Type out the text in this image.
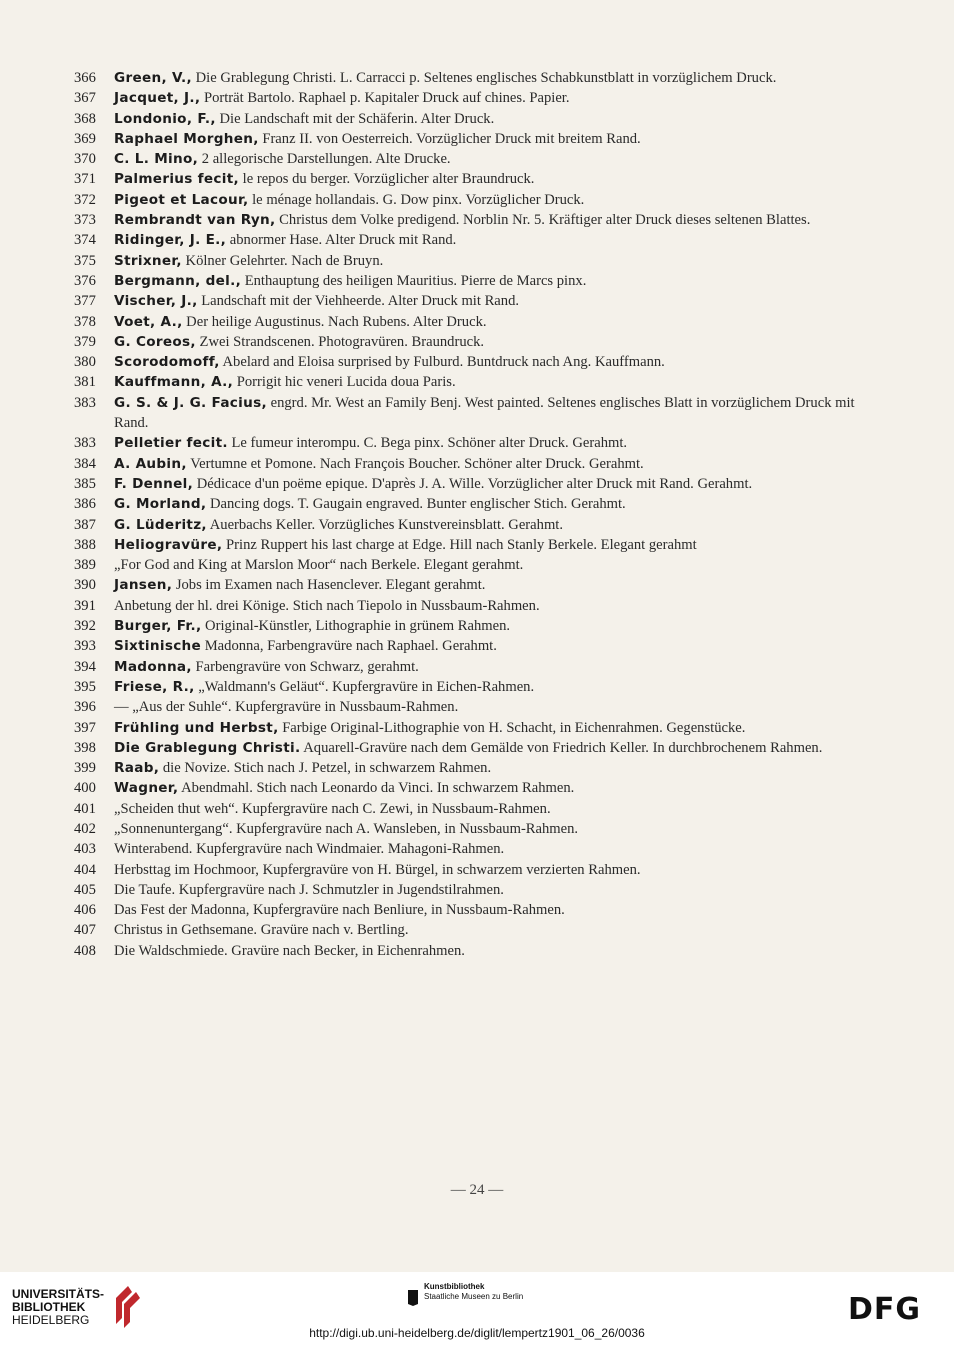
366	Green, V., Die Grablegung Christi. L. Carracci p. Seltenes englisches Schabkunstblatt in vorzüglichem Druck.
367	Jacquet, J., Porträt Bartolo. Raphael p. Kapitaler Druck auf chines. Papier.
368	Londonio, F., Die Landschaft mit der Schäferin. Alter Druck.
369	Raphael Morghen, Franz II. von Oesterreich. Vorzüglicher Druck mit breitem Rand.
370	C. L. Mino, 2 allegorische Darstellungen. Alte Drucke.
371	Palmerius fecit, le repos du berger. Vorzüglicher alter Braundruck.
372	Pigeot et Lacour, le ménage hollandais. G. Dow pinx. Vorzüglicher Druck.
373	Rembrandt van Ryn, Christus dem Volke predigend. Norblin Nr. 5. Kräftiger alter Druck dieses seltenen Blattes.
374	Ridinger, J. E., abnormer Hase. Alter Druck mit Rand.
375	Strixner, Kölner Gelehrter. Nach de Bruyn.
376	Bergmann, del., Enthauptung des heiligen Mauritius. Pierre de Marcs pinx.
377	Vischer, J., Landschaft mit der Viehheerde. Alter Druck mit Rand.
378	Voet, A., Der heilige Augustinus. Nach Rubens. Alter Druck.
379	G. Coreos, Zwei Strandscenen. Photogravüren. Braundruck.
380	Scorodomoff, Abelard and Eloisa surprised by Fulburd. Buntdruck nach Ang. Kauffmann.
381	Kauffmann, A., Porrigit hic veneri Lucida doua Paris.
383	G. S. & J. G. Facius, engrd. Mr. West an Family Benj. West painted. Seltenes englisches Blatt in vorzüglichem Druck mit Rand.
383	Pelletier fecit. Le fumeur interompu. C. Bega pinx. Schöner alter Druck. Gerahmt.
384	A. Aubin, Vertumne et Pomone. Nach François Boucher. Schöner alter Druck. Gerahmt.
385	F. Dennel, Dédicace d'un poëme epique. D'après J. A. Wille. Vorzüglicher alter Druck mit Rand. Gerahmt.
386	G. Morland, Dancing dogs. T. Gaugain engraved. Bunter englischer Stich. Gerahmt.
387	G. Lüderitz, Auerbachs Keller. Vorzügliches Kunstvereinsblatt. Gerahmt.
388	Heliogravüre, Prinz Ruppert his last charge at Edge. Hill nach Stanly Berkele. Elegant gerahmt
389	„For God and King at Marslon Moor“ nach Berkele. Elegant gerahmt.
390	Jansen, Jobs im Examen nach Hasenclever. Elegant gerahmt.
391	Anbetung der hl. drei Könige. Stich nach Tiepolo in Nussbaum-Rahmen.
392	Burger, Fr., Original-Künstler, Lithographie in grünem Rahmen.
393	Sixtinische Madonna, Farbengravüre nach Raphael. Gerahmt.
394	Madonna, Farbengravüre von Schwarz, gerahmt.
395	Friese, R., „Waldmann's Geläut“. Kupfergravüre in Eichen-Rahmen.
396	— „Aus der Suhle“. Kupfergravüre in Nussbaum-Rahmen.
397	Frühling und Herbst, Farbige Original-Lithographie von H. Schacht, in Eichenrahmen. Gegenstücke.
398	Die Grablegung Christi. Aquarell-Gravüre nach dem Gemälde von Friedrich Keller. In durchbrochenem Rahmen.
399	Raab, die Novize. Stich nach J. Petzel, in schwarzem Rahmen.
400	Wagner, Abendmahl. Stich nach Leonardo da Vinci. In schwarzem Rahmen.
401	„Scheiden thut weh“. Kupfergravüre nach C. Zewi, in Nussbaum-Rahmen.
402	„Sonnenuntergang“. Kupfergravüre nach A. Wansleben, in Nussbaum-Rahmen.
403	Winterabend. Kupfergravüre nach Windmaier. Mahagoni-Rahmen.
404	Herbsttag im Hochmoor, Kupfergravüre von H. Bürgel, in schwarzem verzierten Rahmen.
405	Die Taufe. Kupfergravüre nach J. Schmutzler in Jugendstilrahmen.
406	Das Fest der Madonna, Kupfergravüre nach Benliure, in Nussbaum-Rahmen.
407	Christus in Gethsemane. Gravüre nach v. Bertling.
408	Die Waldschmiede. Gravüre nach Becker, in Eichenrahmen.
— 24 —
UNIVERSITÄTS-
BIBLIOTHEK
HEIDELBERG
Kunstbibliothek
Staatliche Museen zu Berlin	DFG
http://digi.ub.uni-heidelberg.de/diglit/lempertz1901_06_26/0036
